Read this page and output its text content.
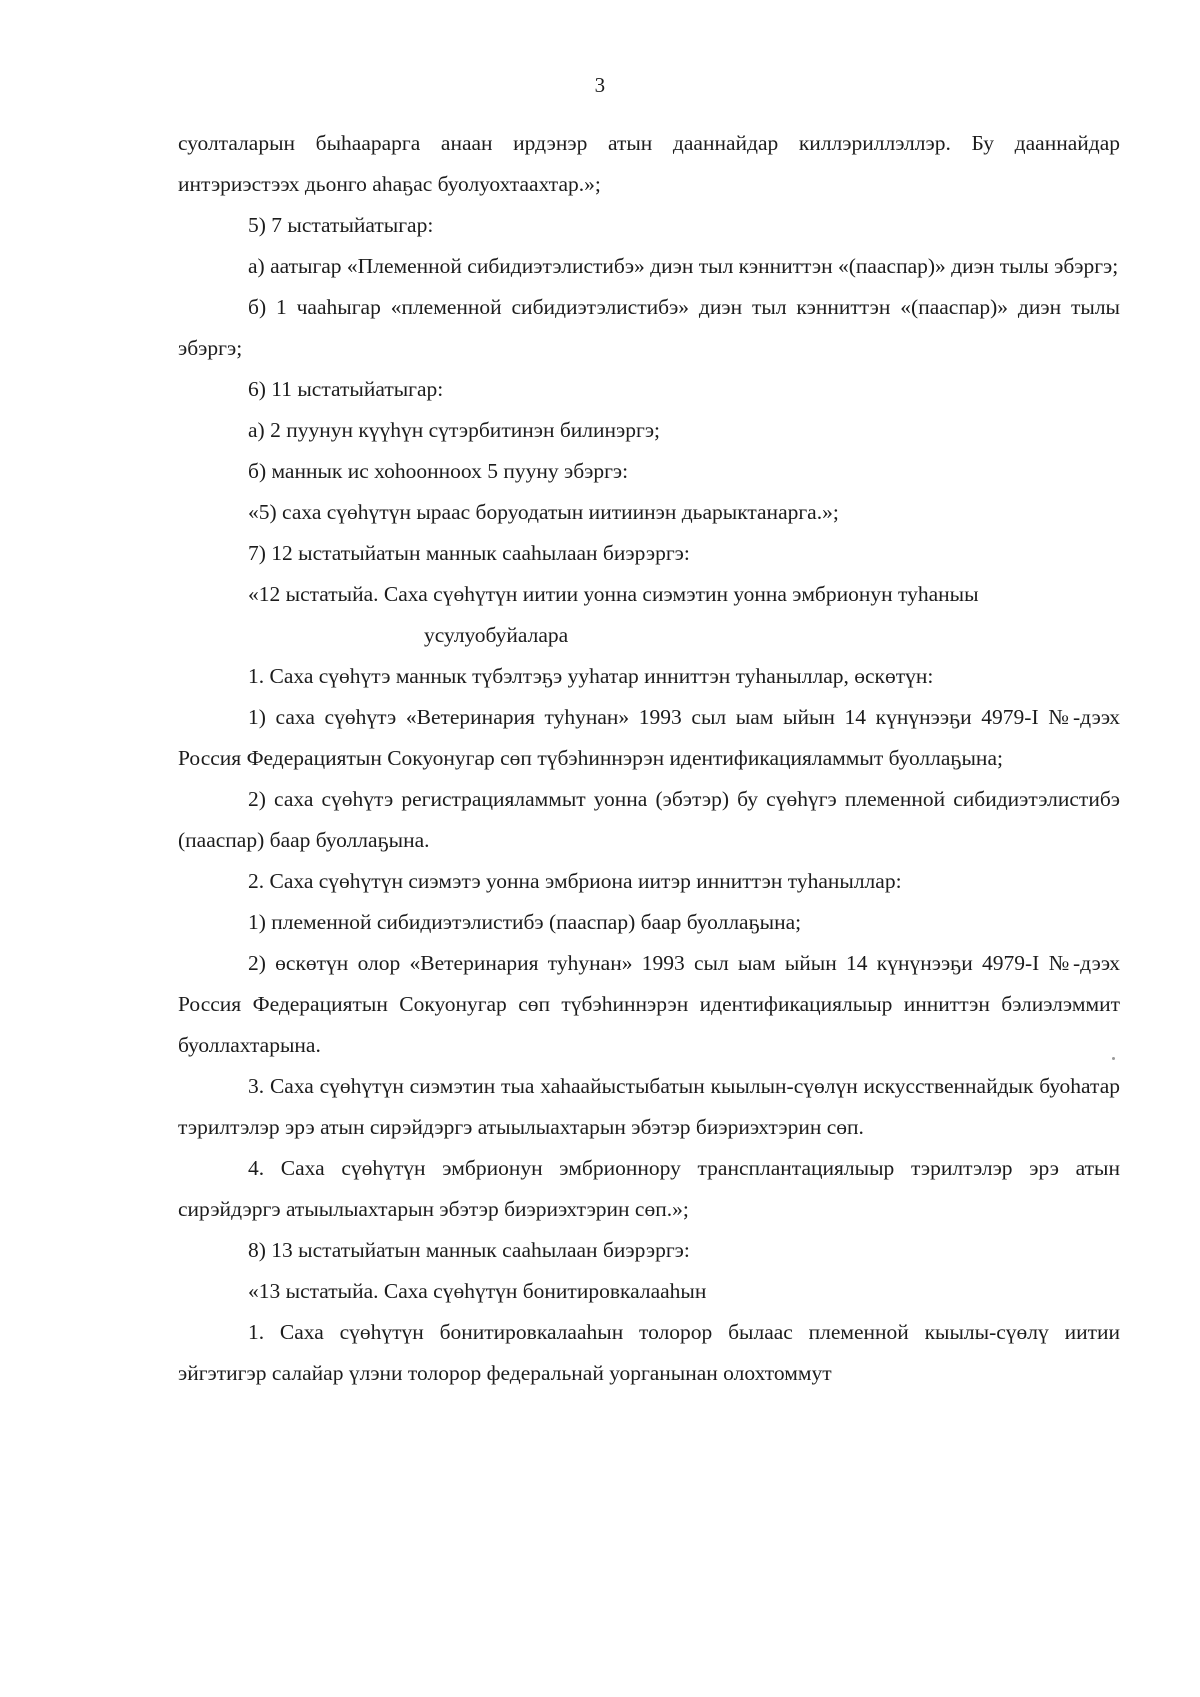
3

суолталарын быһаарарга анаан ирдэнэр атын дааннайдар киллэриллэллэр. Бу дааннайдар интэриэстээх дьонго аһаҕас буолуохтаахтар.»;

5) 7 ыстатыйатыгар:

а) аатыгар «Племенной сибидиэтэлистибэ» диэн тыл кэнниттэн «(пааспар)» диэн тылы эбэргэ;

б) 1 чааһыгар «племенной сибидиэтэлистибэ» диэн тыл кэнниттэн «(пааспар)» диэн тылы эбэргэ;

6) 11 ыстатыйатыгар:

а) 2 пуунун күүһүн сүтэрбитинэн билинэргэ;

б) маннык ис хоһоонноох 5 пууну эбэргэ:

«5) саха сүөһүтүн ыраас боруодатын иитиинэн дьарыктанарга.»;

7) 12 ыстатыйатын маннык сааһылаан биэрэргэ:

«12 ыстатыйа. Саха сүөһүтүн иитии уонна сиэмэтин уонна эмбрионун туһаныы

усулуобуйалара

1. Саха сүөһүтэ маннык түбэлтэҕэ ууһатар инниттэн туһаныллар, өскөтүн:

1) саха сүөһүтэ «Ветеринария туһунан» 1993 сыл ыам ыйын 14 күнүнээҕи 4979-I №-дээх Россия Федерациятын Сокуонугар сөп түбэһиннэрэн идентификацияламмыт буоллаҕына;

2) саха сүөһүтэ регистрацияламмыт уонна (эбэтэр) бу сүөһүгэ племенной сибидиэтэлистибэ (пааспар) баар буоллаҕына.

2. Саха сүөһүтүн сиэмэтэ уонна эмбриона иитэр инниттэн туһаныллар:

1) племенной сибидиэтэлистибэ (пааспар) баар буоллаҕына;

2) өскөтүн олор «Ветеринария туһунан» 1993 сыл ыам ыйын 14 күнүнээҕи 4979-I №-дээх Россия Федерациятын Сокуонугар сөп түбэһиннэрэн идентификациялыыр инниттэн бэлиэлэммит буоллахтарына.

3. Саха сүөһүтүн сиэмэтин тыа хаһаайыстыбатын кыылын-сүөлүн искусственнайдык буоһатар тэрилтэлэр эрэ атын сирэйдэргэ атыылыахтарын эбэтэр биэриэхтэрин сөп.

4. Саха сүөһүтүн эмбрионун эмбрионнору трансплантациялыыр тэрилтэлэр эрэ атын сирэйдэргэ атыылыахтарын эбэтэр биэриэхтэрин сөп.»;

8) 13 ыстатыйатын маннык сааһылаан биэрэргэ:

«13 ыстатыйа. Саха сүөһүтүн бонитировкалааһын

1. Саха сүөһүтүн бонитировкалааһын толорор былаас племенной кыылы-сүөлү иитии эйгэтигэр салайар үлэни толорор федеральнай уорганынан олохтоммут
